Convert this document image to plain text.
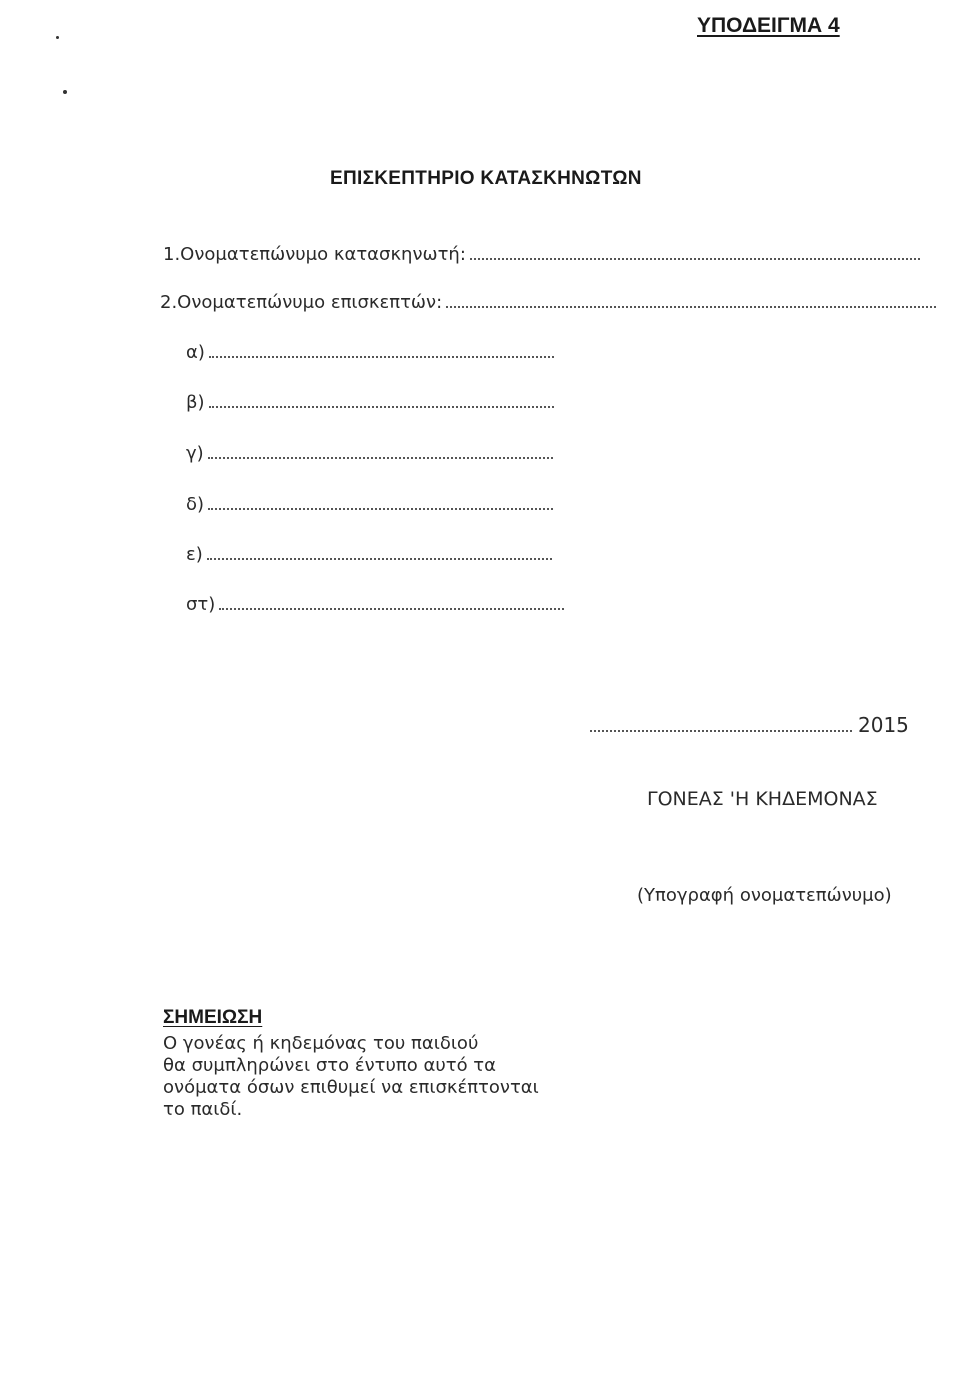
ΥΠΟΔΕΙΓΜΑ 4
ΕΠΙΣΚΕΠΤΗΡΙΟ ΚΑΤΑΣΚΗΝΩΤΩΝ
1.Ονοματεπώνυμο κατασκηνωτή:
2.Ονοματεπώνυμο επισκεπτών:
α)
β)
γ)
δ)
ε)
στ)
2015
ΓΟΝΕΑΣ 'Η ΚΗΔΕΜΟΝΑΣ
(Υπογραφή ονοματεπώνυμο)
ΣΗΜΕΙΩΣΗ
Ο γονέας ή κηδεμόνας του παιδιού
θα συμπληρώνει στο έντυπο αυτό τα
ονόματα όσων επιθυμεί να επισκέπτονται
το παιδί.
